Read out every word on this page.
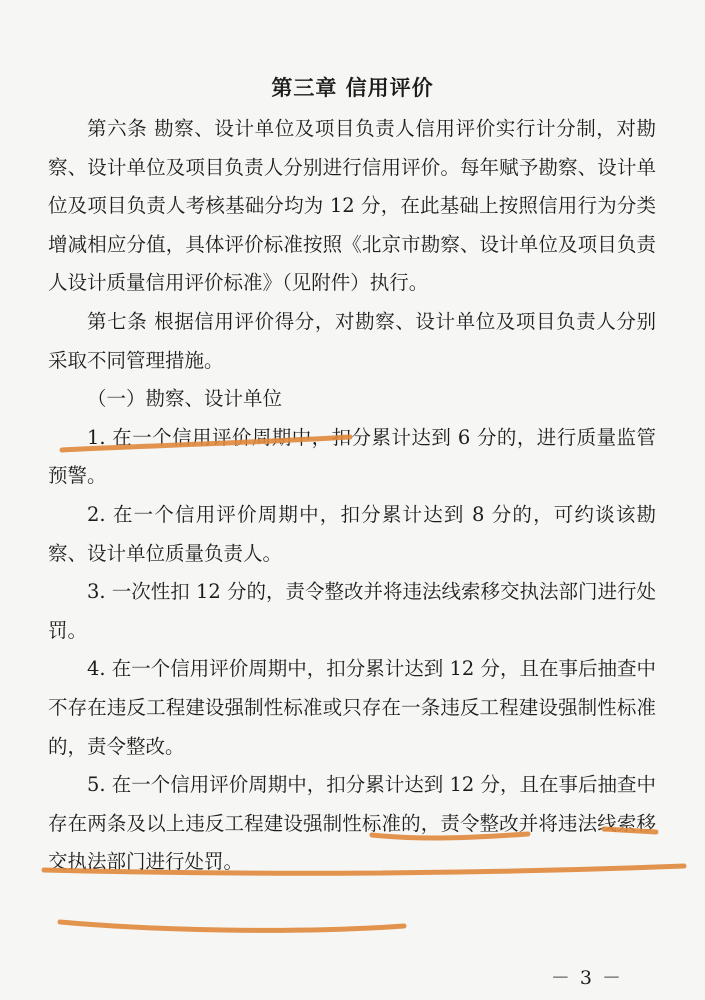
第三章 信用评价

第六条 勘察、设计单位及项目负责人信用评价实行计分制，对勘察、设计单位及项目负责人分别进行信用评价。每年赋予勘察、设计单位及项目负责人考核基础分均为 12 分，在此基础上按照信用行为分类增减相应分值，具体评价标准按照《北京市勘察、设计单位及项目负责人设计质量信用评价标准》（见附件）执行。

第七条 根据信用评价得分，对勘察、设计单位及项目负责人分别采取不同管理措施。

（一）勘察、设计单位

1. 在一个信用评价周期中，扣分累计达到 6 分的，进行质量监管预警。

2. 在一个信用评价周期中，扣分累计达到 8 分的，可约谈该勘察、设计单位质量负责人。

3. 一次性扣 12 分的，责令整改并将违法线索移交执法部门进行处罚。

4. 在一个信用评价周期中，扣分累计达到 12 分，且在事后抽查中不存在违反工程建设强制性标准或只存在一条违反工程建设强制性标准的，责令整改。

5. 在一个信用评价周期中，扣分累计达到 12 分，且在事后抽查中存在两条及以上违反工程建设强制性标准的，责令整改并将违法线索移交执法部门进行处罚。

－ 3 －
